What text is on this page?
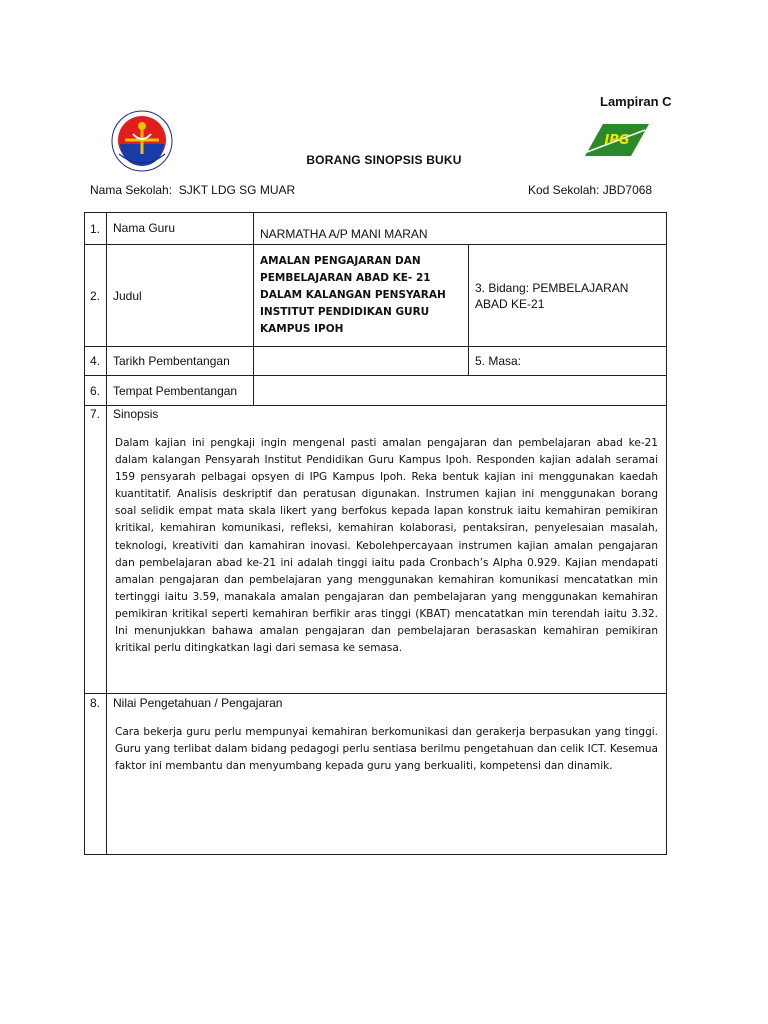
Lampiran C
IPG
BORANG SINOPSIS BUKU
Nama Sekolah: SJKT LDG SG MUAR	Kod Sekolah: JBD7068
1.	Nama Guru	NARMATHA A/P MANI MARAN	
2.	Judul	AMALAN PENGAJARAN DAN PEMBELAJARAN ABAD KE- 21 DALAM KALANGAN PENSYARAH INSTITUT PENDIDIKAN GURU KAMPUS IPOH	3. Bidang: PEMBELAJARAN ABAD KE-21
4.	Tarikh Pembentangan		5. Masa:
6.	Tempat Pembentangan		
7.	Sinopsis

Dalam kajian ini pengkaji ingin mengenal pasti amalan pengajaran dan pembelajaran abad ke-21 dalam kalangan Pensyarah Institut Pendidikan Guru Kampus Ipoh. Responden kajian adalah seramai 159 pensyarah pelbagai opsyen di IPG Kampus Ipoh. Reka bentuk kajian ini menggunakan kaedah kuantitatif. Analisis deskriptif dan peratusan digunakan. Instrumen kajian ini menggunakan borang soal selidik empat mata skala likert yang berfokus kepada lapan konstruk iaitu kemahiran pemikiran kritikal, kemahiran komunikasi, refleksi, kemahiran kolaborasi, pentaksiran, penyelesaian masalah, teknologi, kreativiti dan kamahiran inovasi. Kebolehpercayaan instrumen kajian amalan pengajaran dan pembelajaran abad ke-21 ini adalah tinggi iaitu pada Cronbach’s Alpha 0.929. Kajian mendapati amalan pengajaran dan pembelajaran yang menggunakan kemahiran komunikasi mencatatkan min tertinggi iaitu 3.59, manakala amalan pengajaran dan pembelajaran yang menggunakan kemahiran pemikiran kritikal seperti kemahiran berfikir aras tinggi (KBAT) mencatatkan min terendah iaitu 3.32. Ini menunjukkan bahawa amalan pengajaran dan pembelajaran berasaskan kemahiran pemikiran kritikal perlu ditingkatkan lagi dari semasa ke semasa.		

8.	Nilai Pengetahuan / Pengajaran

Cara bekerja guru perlu mempunyai kemahiran berkomunikasi dan gerakerja berpasukan yang tinggi. Guru yang terlibat dalam bidang pedagogi perlu sentiasa berilmu pengetahuan dan celik ICT. Kesemua faktor ini membantu dan menyumbang kepada guru yang berkualiti, kompetensi dan dinamik.		
